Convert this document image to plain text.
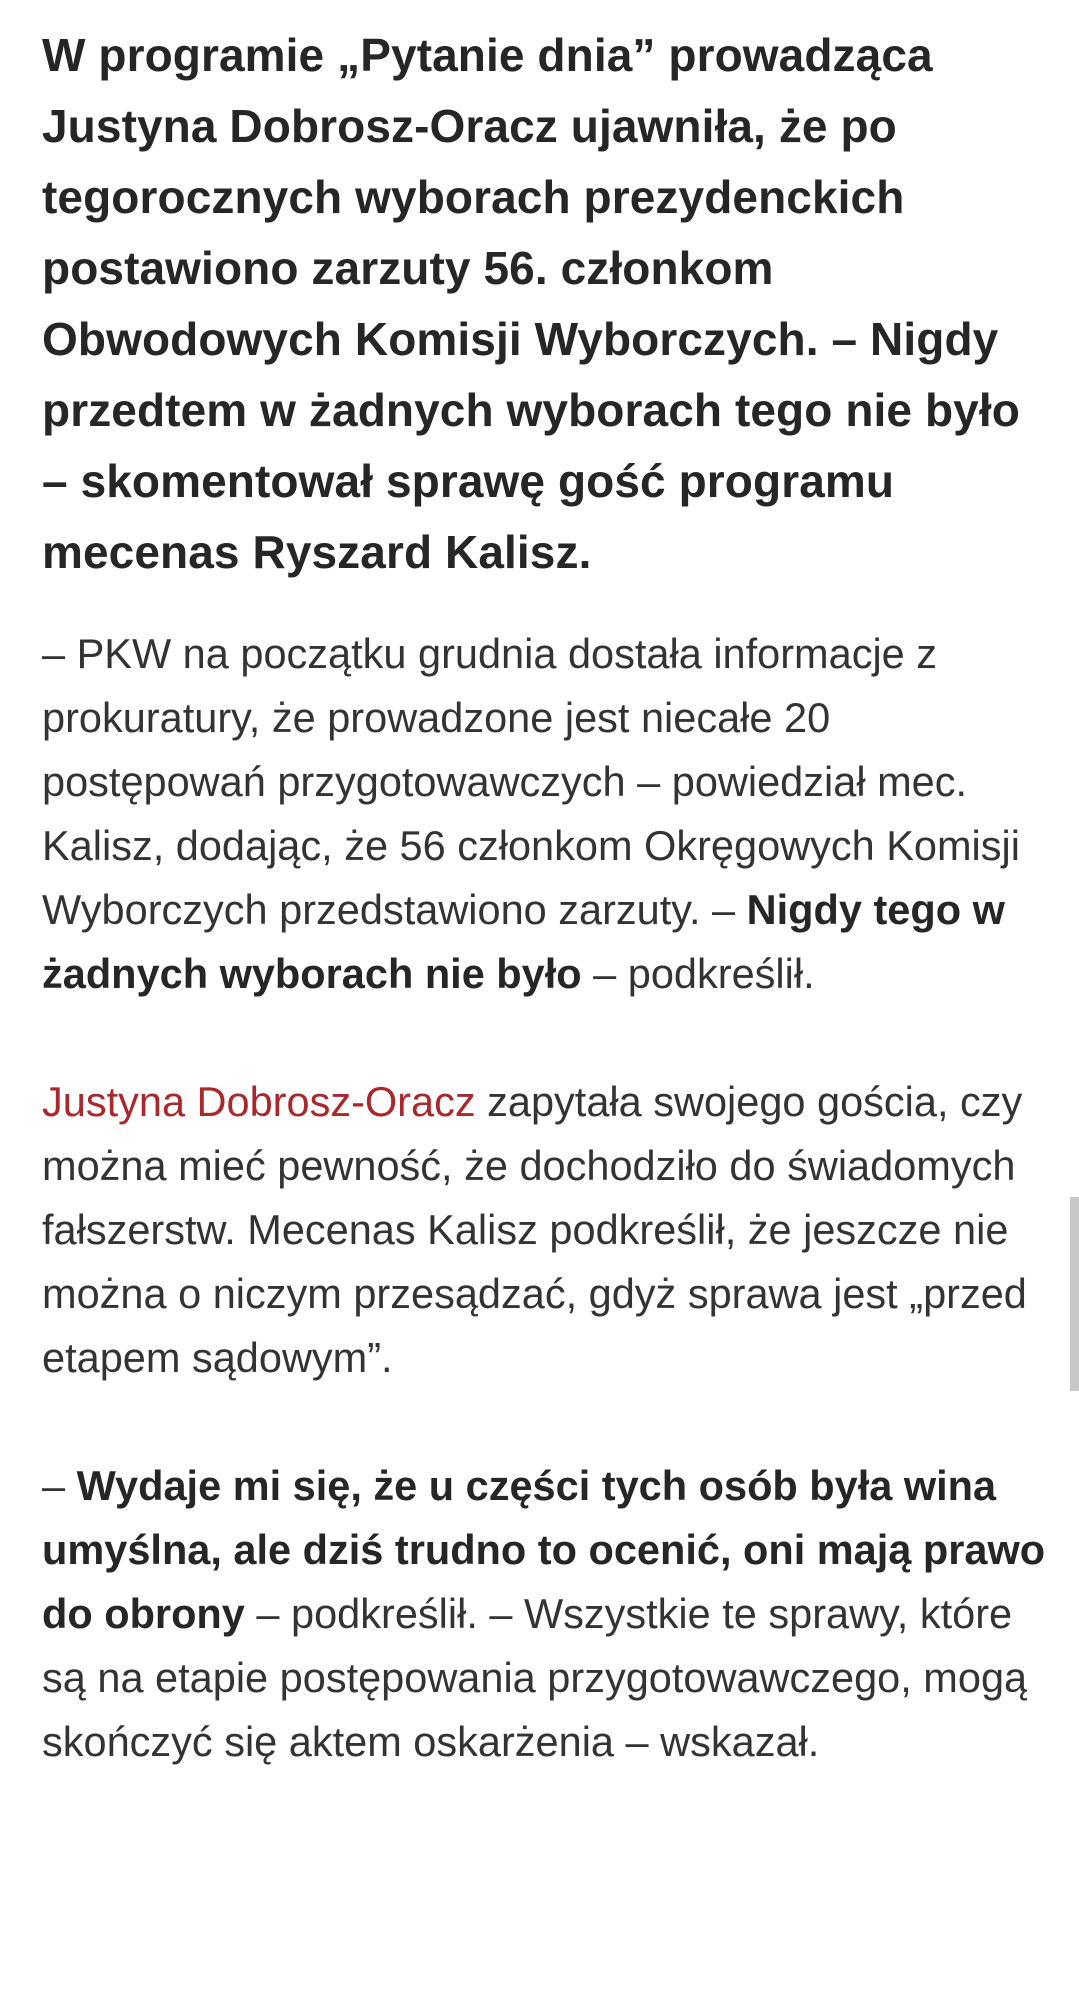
W programie „Pytanie dnia” prowadząca Justyna Dobrosz-Oracz ujawniła, że po tegorocznych wyborach prezydenckich postawiono zarzuty 56. członkom Obwodowych Komisji Wyborczych. – Nigdy przedtem w żadnych wyborach tego nie było – skomentował sprawę gość programu mecenas Ryszard Kalisz.

– PKW na początku grudnia dostała informacje z prokuratury, że prowadzone jest niecałe 20 postępowań przygotowawczych – powiedział mec. Kalisz, dodając, że 56 członkom Okręgowych Komisji Wyborczych przedstawiono zarzuty. – Nigdy tego w żadnych wyborach nie było – podkreślił.

Justyna Dobrosz-Oracz zapytała swojego gościa, czy można mieć pewność, że dochodziło do świadomych fałszerstw. Mecenas Kalisz podkreślił, że jeszcze nie można o niczym przesądzać, gdyż sprawa jest „przed etapem sądowym”.

– Wydaje mi się, że u części tych osób była wina umyślna, ale dziś trudno to ocenić, oni mają prawo do obrony – podkreślił. – Wszystkie te sprawy, które są na etapie postępowania przygotowawczego, mogą skończyć się aktem oskarżenia – wskazał.
